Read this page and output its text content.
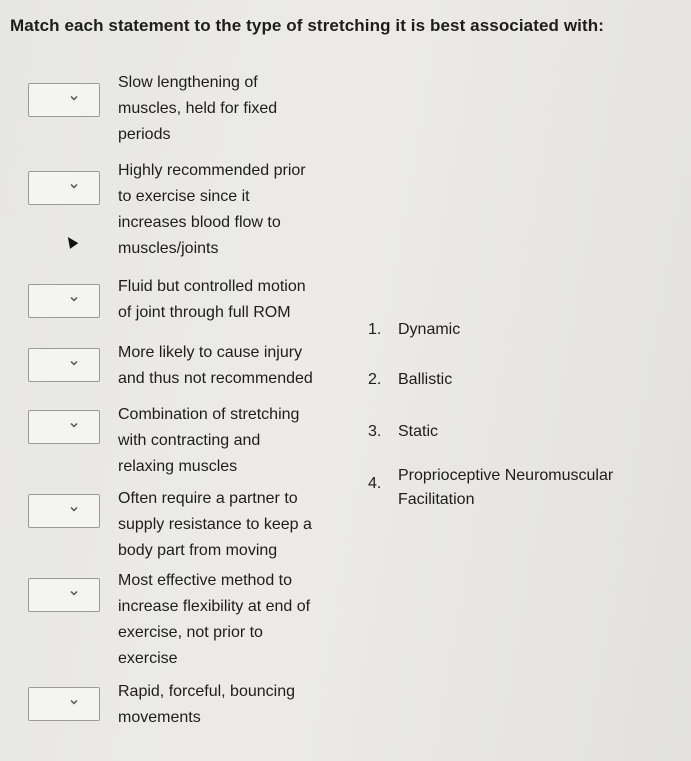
Match each statement to the type of stretching it is best associated with:
Slow lengthening of
muscles, held for fixed
periods
Highly recommended prior
to exercise since it
increases blood flow to
muscles/joints
Fluid but controlled motion
of joint through full ROM
More likely to cause injury
and thus not recommended
Combination of stretching
with contracting and
relaxing muscles
Often require a partner to
supply resistance to keep a
body part from moving
Most effective method to
increase flexibility at end of
exercise, not prior to
exercise
Rapid, forceful, bouncing
movements
1. Dynamic
2. Ballistic
3. Static
4. Proprioceptive Neuromuscular
Facilitation
